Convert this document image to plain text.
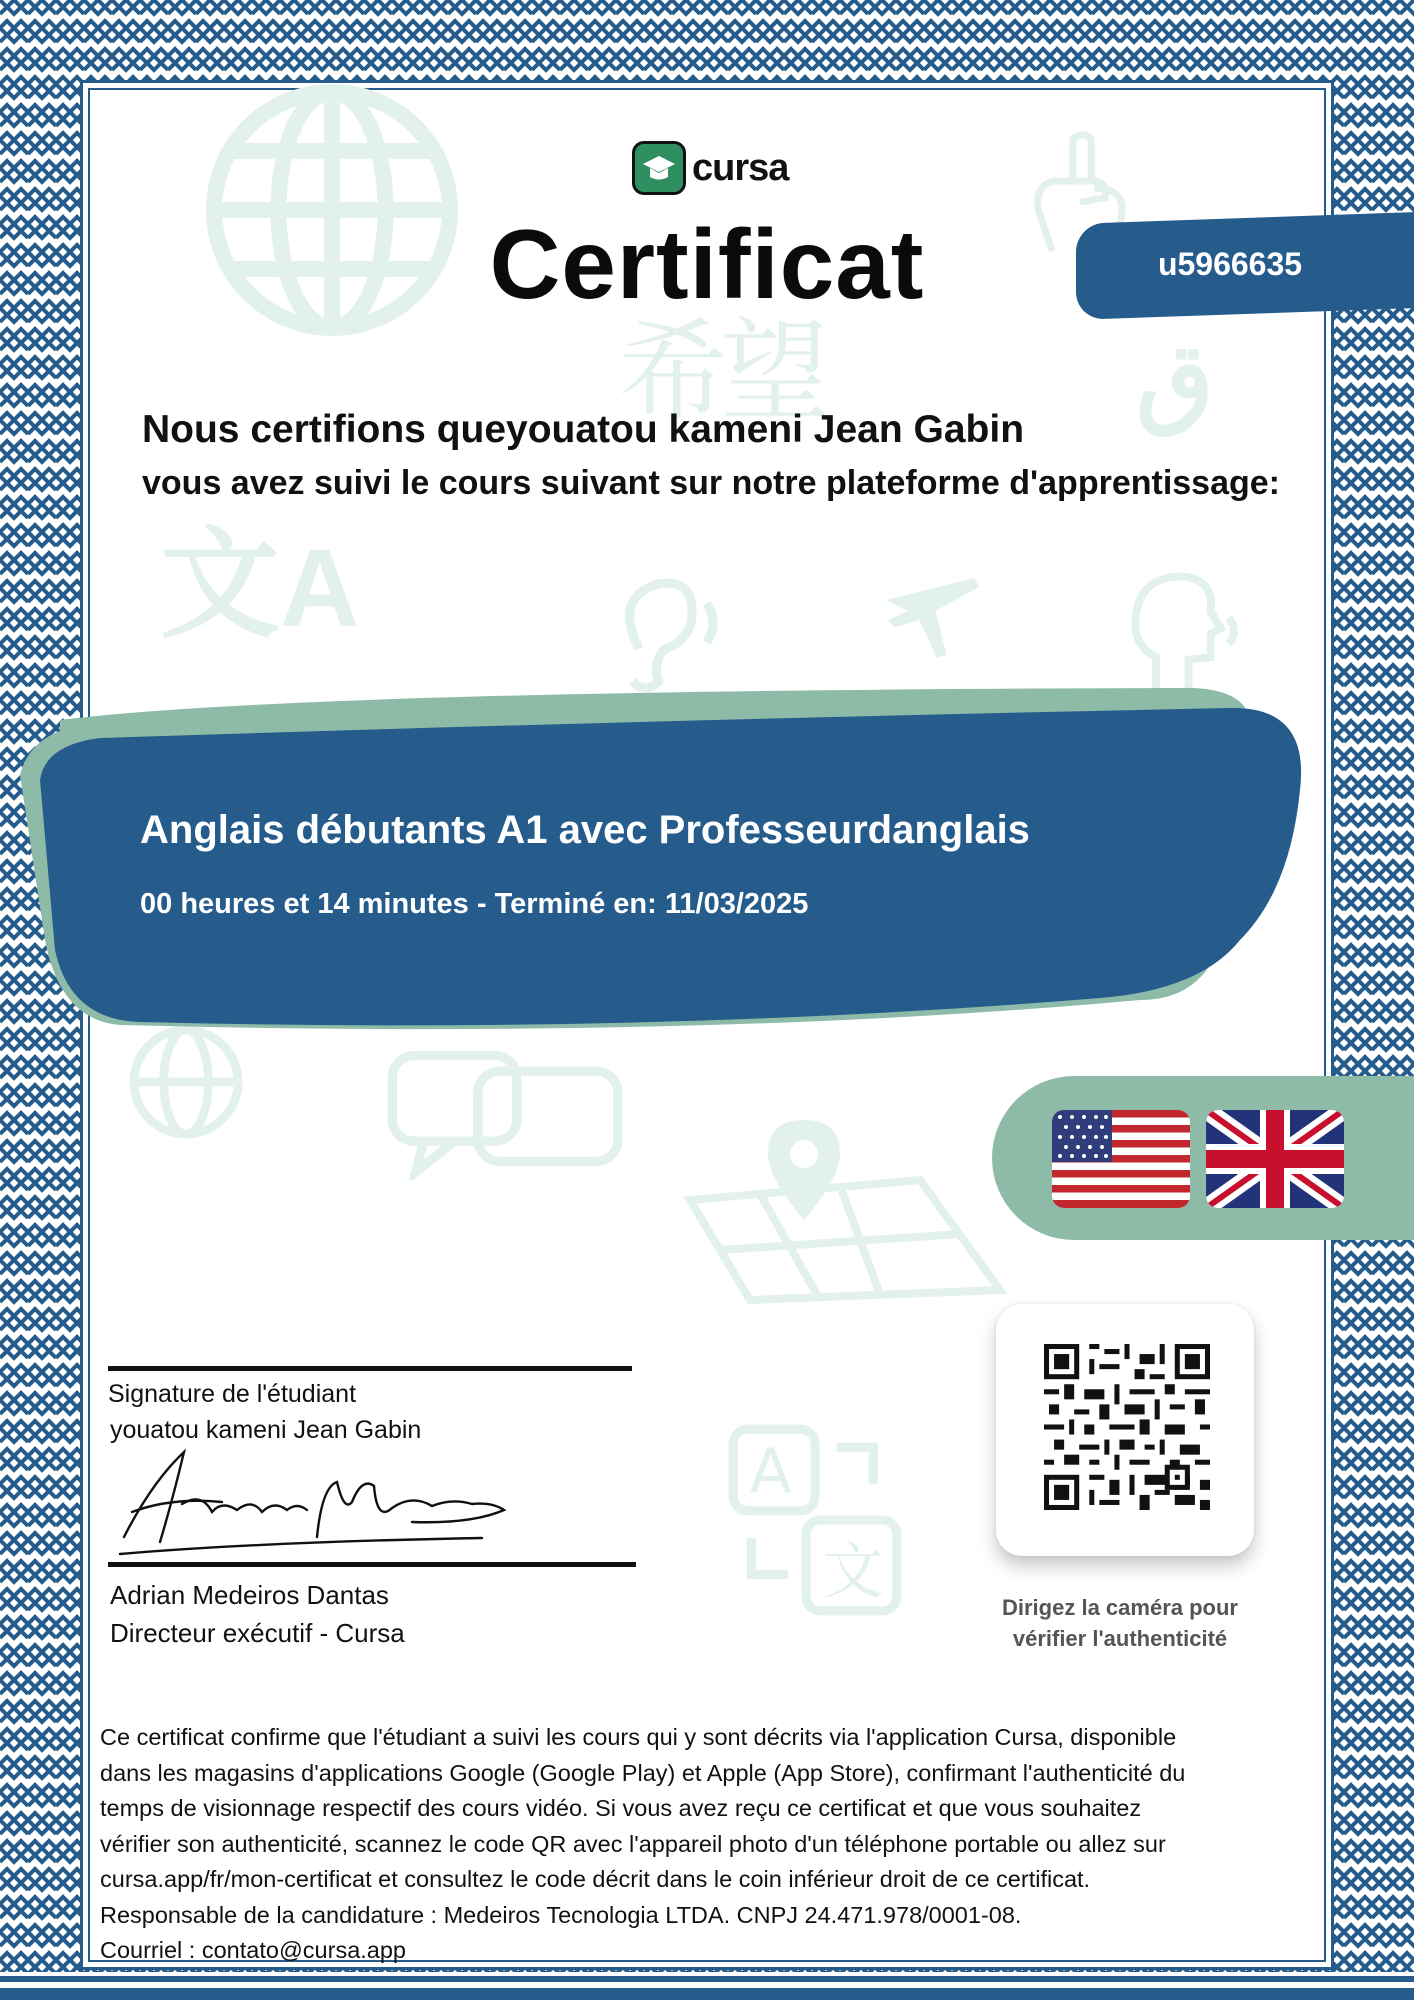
ق
希望
文A
A
文
cursa
Certificat	u5966635
Nous certifions queyouatou kameni Jean Gabin
vous avez suivi le cours suivant sur notre plateforme d'apprentissage:
Anglais débutants A1 avec Professeurdanglais
00 heures et 14 minutes - Terminé en: 11/03/2025
Dirigez la caméra pour
vérifier l'authenticité
Signature de l'étudiant
youatou kameni Jean Gabin
Adrian Medeiros Dantas
Directeur exécutif - Cursa
Ce certificat confirme que l'étudiant a suivi les cours qui y sont décrits via l'application Cursa, disponible
dans les magasins d'applications Google (Google Play) et Apple (App Store), confirmant l'authenticité du
temps de visionnage respectif des cours vidéo. Si vous avez reçu ce certificat et que vous souhaitez
vérifier son authenticité, scannez le code QR avec l'appareil photo d'un téléphone portable ou allez sur
cursa.app/fr/mon-certificat et consultez le code décrit dans le coin inférieur droit de ce certificat.
Responsable de la candidature : Medeiros Tecnologia LTDA. CNPJ 24.471.978/0001-08.
Courriel : contato@cursa.app
